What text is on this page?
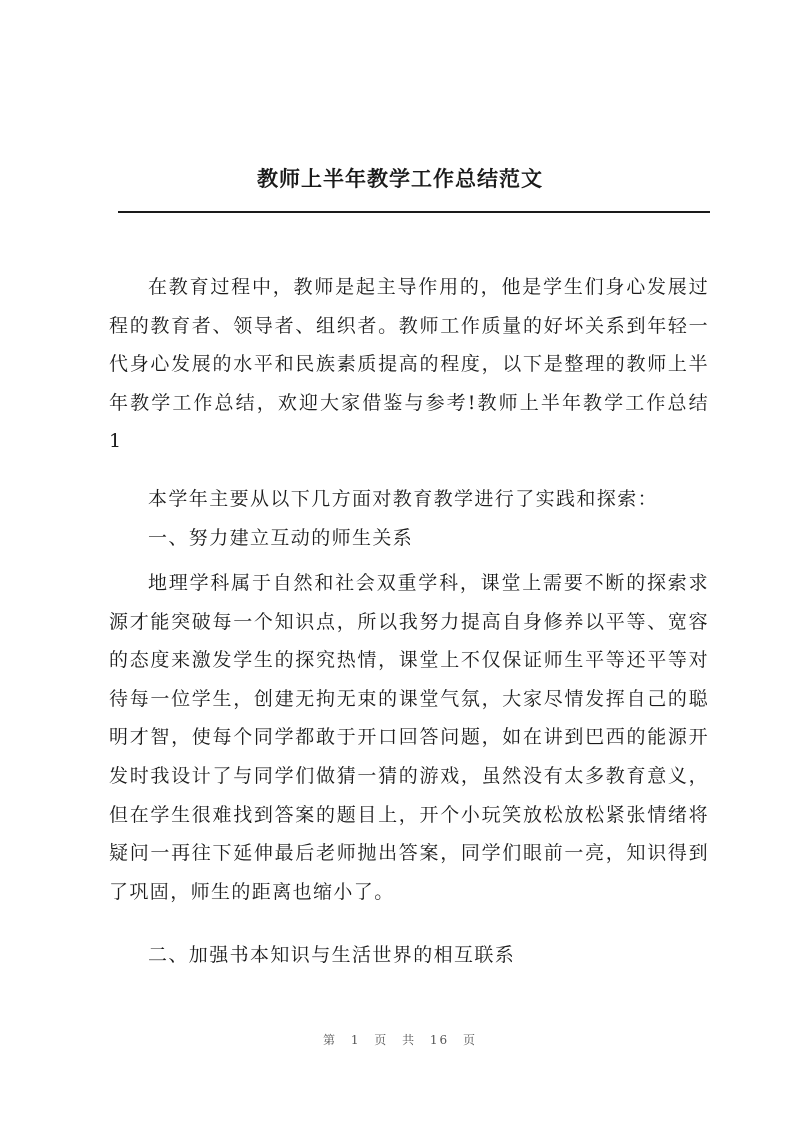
教师上半年教学工作总结范文

在教育过程中，教师是起主导作用的，他是学生们身心发展过程的教育者、领导者、组织者。教师工作质量的好坏关系到年轻一代身心发展的水平和民族素质提高的程度，以下是整理的教师上半年教学工作总结，欢迎大家借鉴与参考!教师上半年教学工作总结 1

本学年主要从以下几方面对教育教学进行了实践和探索：

一、努力建立互动的师生关系

地理学科属于自然和社会双重学科，课堂上需要不断的探索求源才能突破每一个知识点，所以我努力提高自身修养以平等、宽容的态度来激发学生的探究热情，课堂上不仅保证师生平等还平等对待每一位学生，创建无拘无束的课堂气氛，大家尽情发挥自己的聪明才智，使每个同学都敢于开口回答问题，如在讲到巴西的能源开发时我设计了与同学们做猜一猜的游戏，虽然没有太多教育意义，但在学生很难找到答案的题目上，开个小玩笑放松放松紧张情绪将疑问一再往下延伸最后老师抛出答案，同学们眼前一亮，知识得到了巩固，师生的距离也缩小了。

二、加强书本知识与生活世界的相互联系

第 1 页 共 16 页
